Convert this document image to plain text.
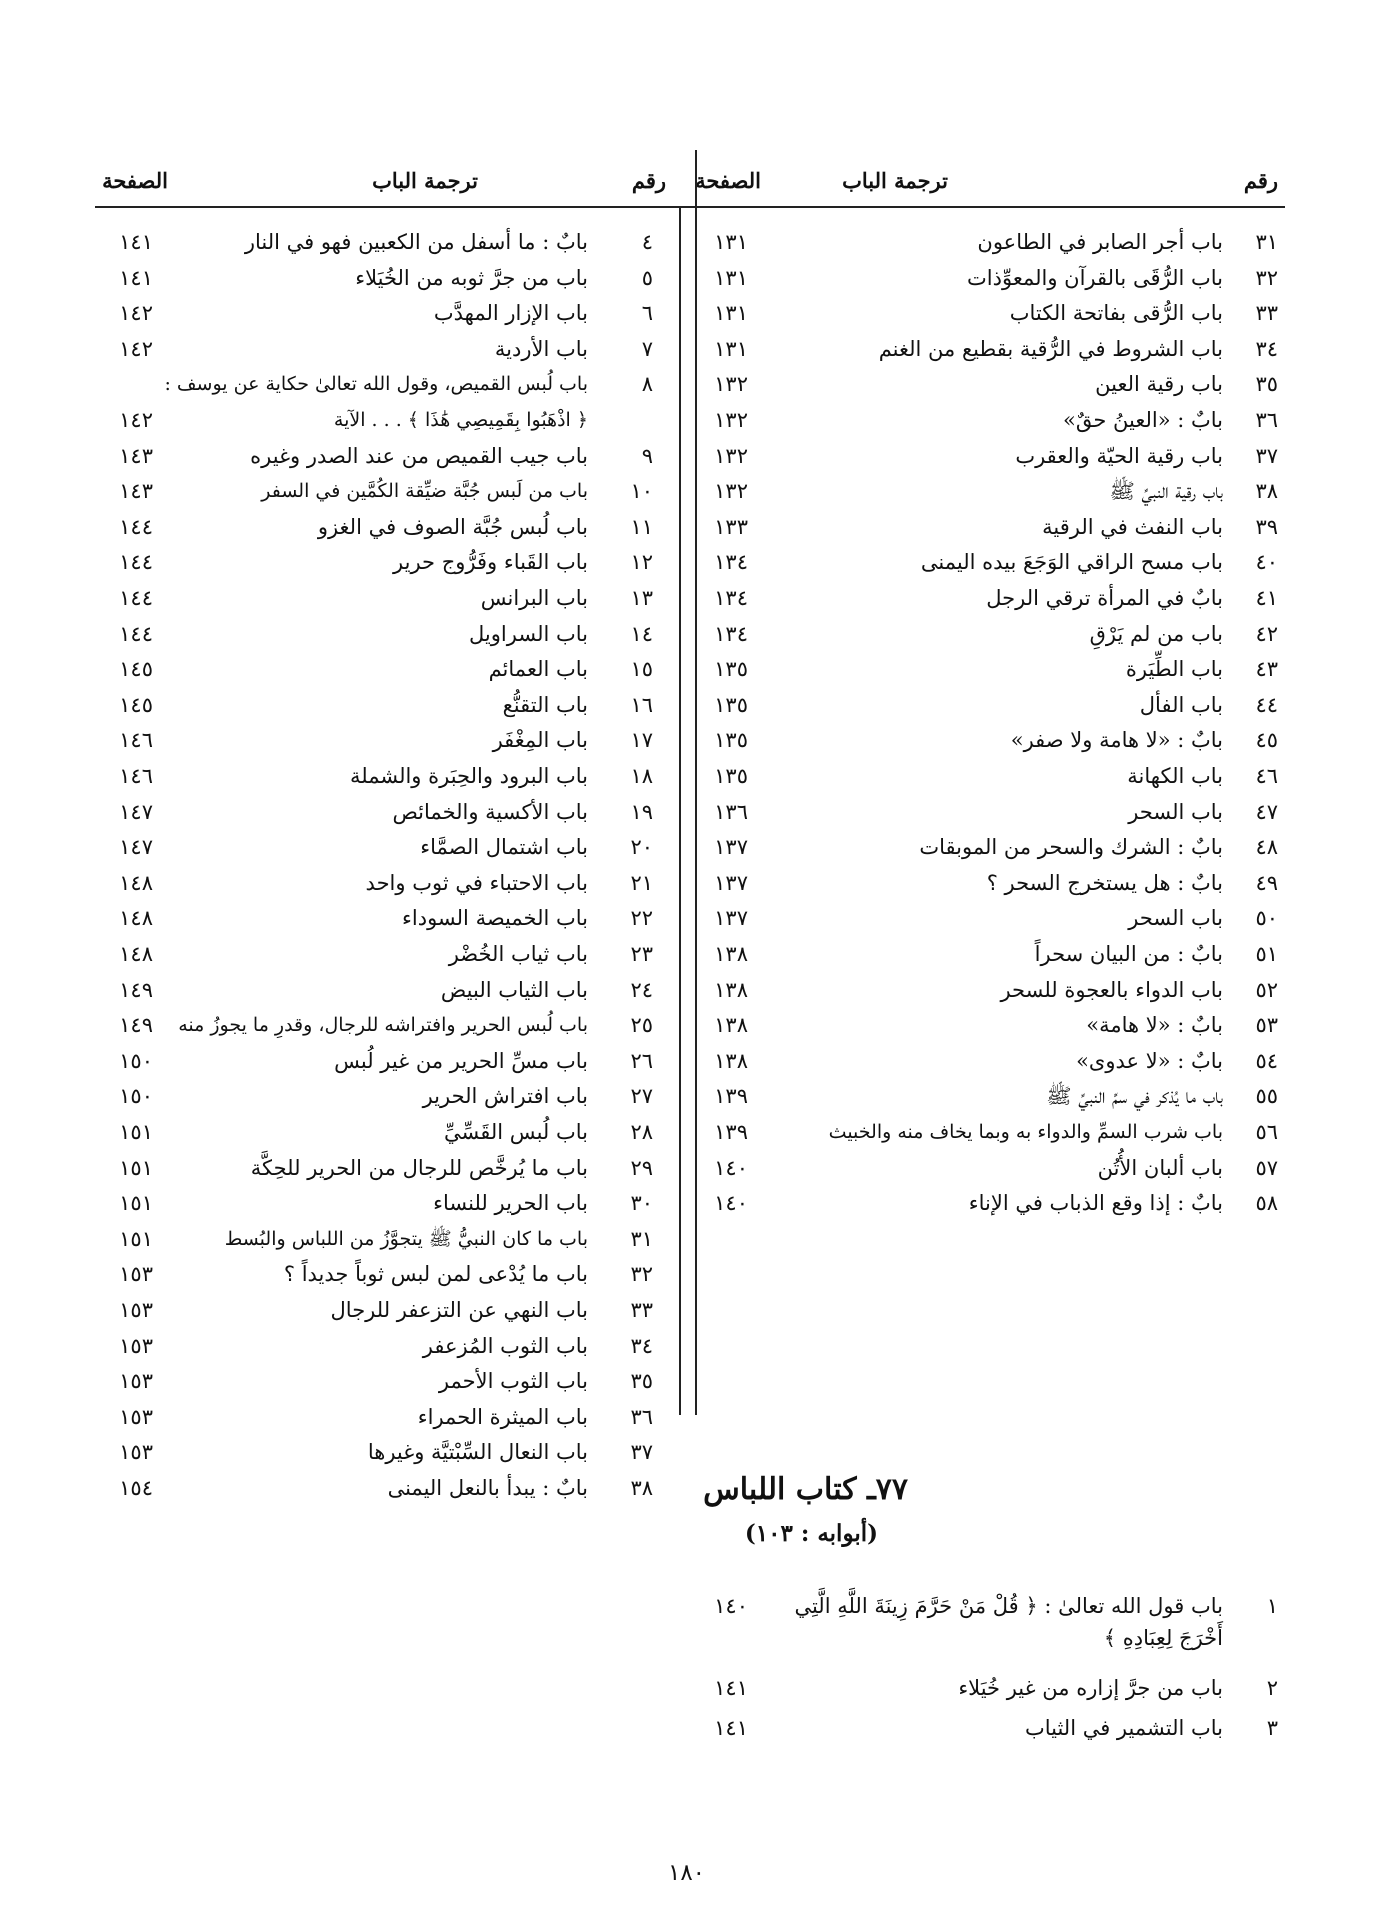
رقم
ترجمة الباب
الصفحة
رقم
ترجمة الباب
الصفحة
٣١
باب أجر الصابر في الطاعون
١٣١
٣٢
باب الرُّقَى بالقرآن والمعوِّذات
١٣١
٣٣
باب الرُّقى بفاتحة الكتاب
١٣١
٣٤
باب الشروط في الرُّقية بقطيع من الغنم
١٣١
٣٥
باب رقية العين
١٣٢
٣٦
بابٌ : «العينُ حقٌ»
١٣٢
٣٧
باب رقية الحيّة والعقرب
١٣٢
٣٨
باب رقية النبيِّ ﷺ
١٣٢
٣٩
باب النفث في الرقية
١٣٣
٤٠
باب مسح الراقي الوَجَعَ بيده اليمنى
١٣٤
٤١
بابٌ في المرأة ترقي الرجل
١٣٤
٤٢
باب من لم يَرْقِ
١٣٤
٤٣
باب الطِّيَرة
١٣٥
٤٤
باب الفأل
١٣٥
٤٥
بابٌ : «لا هامة ولا صفر»
١٣٥
٤٦
باب الكهانة
١٣٥
٤٧
باب السحر
١٣٦
٤٨
بابٌ : الشرك والسحر من الموبقات
١٣٧
٤٩
بابٌ : هل يستخرج السحر ؟
١٣٧
٥٠
باب السحر
١٣٧
٥١
بابٌ : من البيان سحراً
١٣٨
٥٢
باب الدواء بالعجوة للسحر
١٣٨
٥٣
بابٌ : «لا هامة»
١٣٨
٥٤
بابٌ : «لا عدوى»
١٣٨
٥٥
باب ما يُذكر في سمِّ النبيِّ ﷺ
١٣٩
٥٦
باب شرب السمِّ والدواء به وبما يخاف منه والخبيث
١٣٩
٥٧
باب ألبان الأُتُن
١٤٠
٥٨
بابٌ : إذا وقع الذباب في الإناء
١٤٠
١
باب قول الله تعالىٰ : ﴿ قُلْ مَنْ حَرَّمَ زِينَةَ اللَّهِ الَّتِي أَخْرَجَ لِعِبَادِهِ ﴾
١٤٠
٢
باب من جرَّ إزاره من غير خُيَلاء
١٤١
٣
باب التشمير في الثياب
١٤١
٤
بابٌ : ما أسفل من الكعبين فهو في النار
١٤١
٥
باب من جرَّ ثوبه من الخُيَلاء
١٤١
٦
باب الإزار المهدَّب
١٤٢
٧
باب الأردية
١٤٢
٨
باب لُبس القميص، وقول الله تعالىٰ حكاية عن يوسف :
﴿ اذْهَبُوا بِقَمِيصِي هَٰذَا ﴾ . . . الآية
١٤٢
٩
باب جيب القميص من عند الصدر وغيره
١٤٣
١٠
باب من لَبس جُبَّة ضيِّقة الكُمَّين في السفر
١٤٣
١١
باب لُبس جُبَّة الصوف في الغزو
١٤٤
١٢
باب القَباء وفَرُّوج حرير
١٤٤
١٣
باب البرانس
١٤٤
١٤
باب السراويل
١٤٤
١٥
باب العمائم
١٤٥
١٦
باب التقنُّع
١٤٥
١٧
باب المِغْفَر
١٤٦
١٨
باب البرود والحِبَرة والشملة
١٤٦
١٩
باب الأكسية والخمائص
١٤٧
٢٠
باب اشتمال الصمَّاء
١٤٧
٢١
باب الاحتباء في ثوب واحد
١٤٨
٢٢
باب الخميصة السوداء
١٤٨
٢٣
باب ثياب الخُضْر
١٤٨
٢٤
باب الثياب البيض
١٤٩
٢٥
باب لُبس الحرير وافتراشه للرجال، وقدرِ ما يجوزُ منه
١٤٩
٢٦
باب مسِّ الحرير من غير لُبس
١٥٠
٢٧
باب افتراش الحرير
١٥٠
٢٨
باب لُبس القَسِّيِّ
١٥١
٢٩
باب ما يُرخَّص للرجال من الحرير للحِكَّة
١٥١
٣٠
باب الحرير للنساء
١٥١
٣١
باب ما كان النبيُّ ﷺ يتجوَّزُ من اللباس والبُسط
١٥١
٣٢
باب ما يُدْعى لمن لبس ثوباً جديداً ؟
١٥٣
٣٣
باب النهي عن التزعفر للرجال
١٥٣
٣٤
باب الثوب المُزعفر
١٥٣
٣٥
باب الثوب الأحمر
١٥٣
٣٦
باب الميثرة الحمراء
١٥٣
٣٧
باب النعال السِّبْتيَّة وغيرها
١٥٣
٣٨
بابٌ : يبدأ بالنعل اليمنى
١٥٤	٧٧ـ كتاب اللباس
(أبوابه : ١٠٣)
١٨٠
